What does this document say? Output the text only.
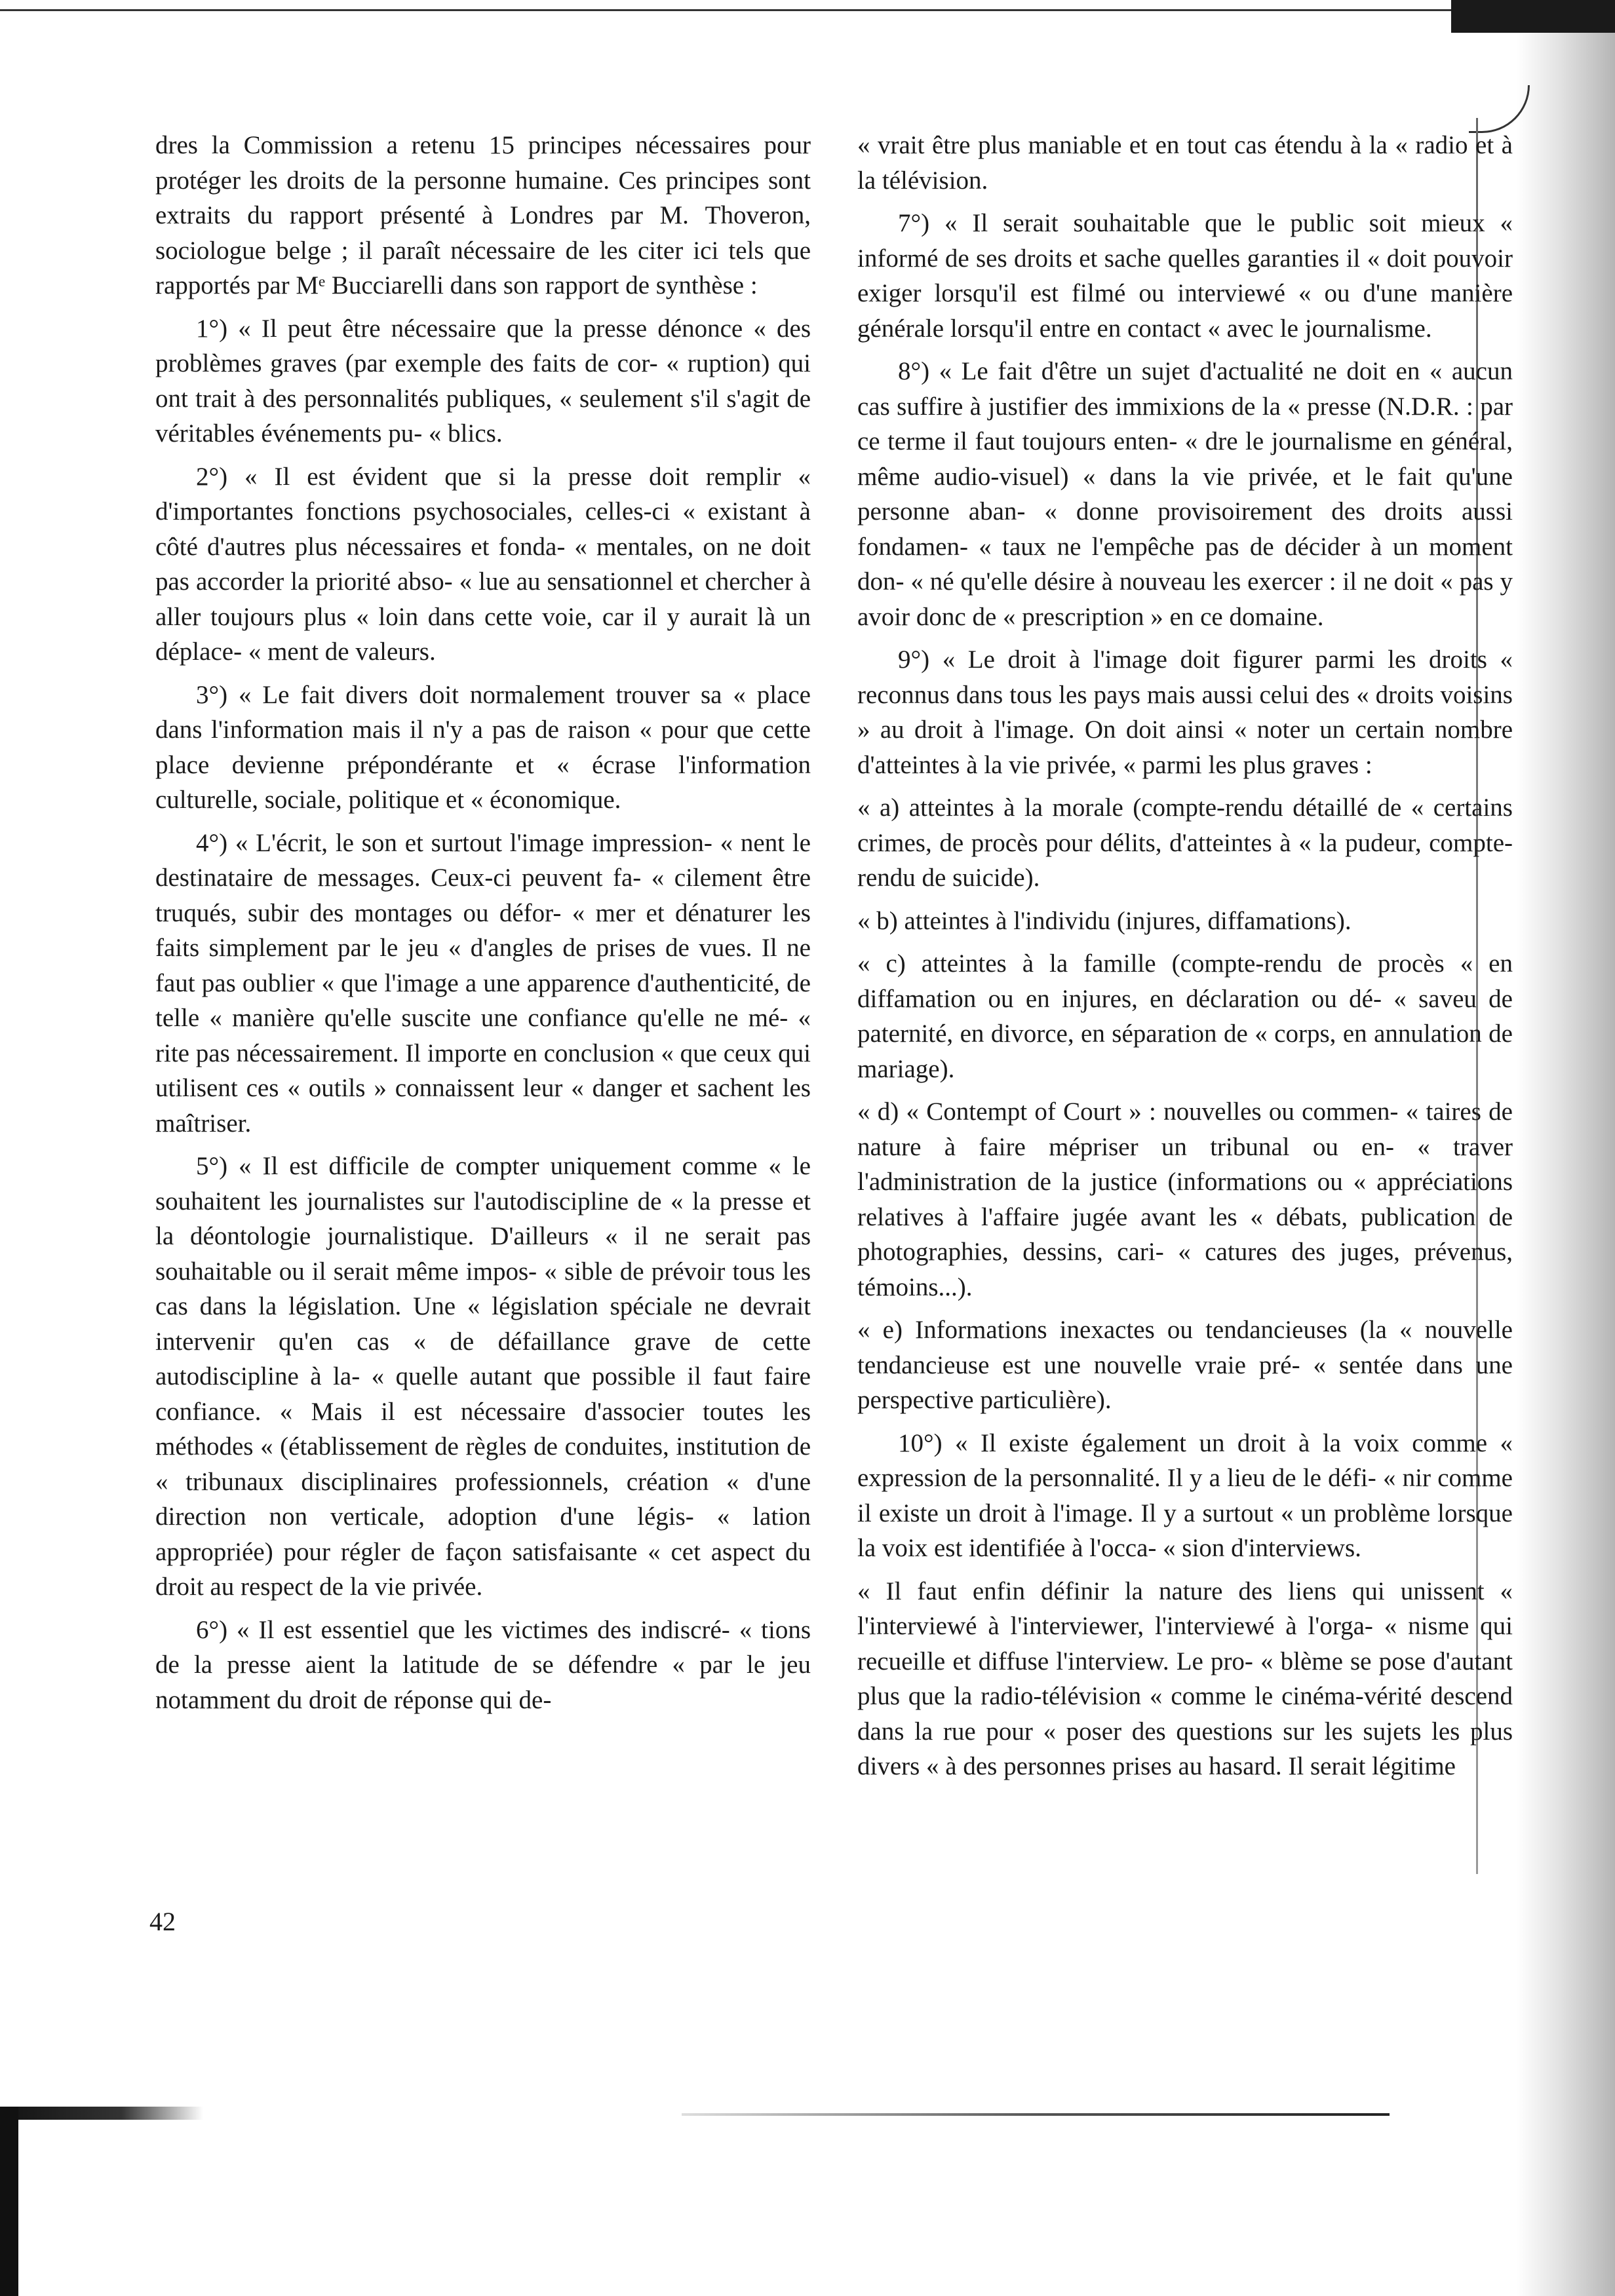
dres la Commission a retenu 15 principes nécessaires pour protéger les droits de la personne humaine. Ces principes sont extraits du rapport présenté à Londres par M. Thoveron, sociologue belge ; il paraît nécessaire de les citer ici tels que rapportés par Mᵉ Bucciarelli dans son rapport de synthèse :

1°) « Il peut être nécessaire que la presse dénonce « des problèmes graves (par exemple des faits de cor- « ruption) qui ont trait à des personnalités publiques, « seulement s'il s'agit de véritables événements pu- « blics.

2°) « Il est évident que si la presse doit remplir « d'importantes fonctions psychosociales, celles-ci « existant à côté d'autres plus nécessaires et fonda- « mentales, on ne doit pas accorder la priorité abso- « lue au sensationnel et chercher à aller toujours plus « loin dans cette voie, car il y aurait là un déplace- « ment de valeurs.

3°) « Le fait divers doit normalement trouver sa « place dans l'information mais il n'y a pas de raison « pour que cette place devienne prépondérante et « écrase l'information culturelle, sociale, politique et « économique.

4°) « L'écrit, le son et surtout l'image impression- « nent le destinataire de messages. Ceux-ci peuvent fa- « cilement être truqués, subir des montages ou défor- « mer et dénaturer les faits simplement par le jeu « d'angles de prises de vues. Il ne faut pas oublier « que l'image a une apparence d'authenticité, de telle « manière qu'elle suscite une confiance qu'elle ne mé- « rite pas nécessairement. Il importe en conclusion « que ceux qui utilisent ces « outils » connaissent leur « danger et sachent les maîtriser.

5°) « Il est difficile de compter uniquement comme « le souhaitent les journalistes sur l'autodiscipline de « la presse et la déontologie journalistique. D'ailleurs « il ne serait pas souhaitable ou il serait même impos- « sible de prévoir tous les cas dans la législation. Une « législation spéciale ne devrait intervenir qu'en cas « de défaillance grave de cette autodiscipline à la- « quelle autant que possible il faut faire confiance. « Mais il est nécessaire d'associer toutes les méthodes « (établissement de règles de conduites, institution de « tribunaux disciplinaires professionnels, création « d'une direction non verticale, adoption d'une légis- « lation appropriée) pour régler de façon satisfaisante « cet aspect du droit au respect de la vie privée.

6°) « Il est essentiel que les victimes des indiscré- « tions de la presse aient la latitude de se défendre « par le jeu notamment du droit de réponse qui de-

« vrait être plus maniable et en tout cas étendu à la « radio et à la télévision.

7°) « Il serait souhaitable que le public soit mieux « informé de ses droits et sache quelles garanties il « doit pouvoir exiger lorsqu'il est filmé ou interviewé « ou d'une manière générale lorsqu'il entre en contact « avec le journalisme.

8°) « Le fait d'être un sujet d'actualité ne doit en « aucun cas suffire à justifier des immixions de la « presse (N.D.R. : par ce terme il faut toujours enten- « dre le journalisme en général, même audio-visuel) « dans la vie privée, et le fait qu'une personne aban- « donne provisoirement des droits aussi fondamen- « taux ne l'empêche pas de décider à un moment don- « né qu'elle désire à nouveau les exercer : il ne doit « pas y avoir donc de « prescription » en ce domaine.

9°) « Le droit à l'image doit figurer parmi les droits « reconnus dans tous les pays mais aussi celui des « droits voisins » au droit à l'image. On doit ainsi « noter un certain nombre d'atteintes à la vie privée, « parmi les plus graves :

« a) atteintes à la morale (compte-rendu détaillé de « certains crimes, de procès pour délits, d'atteintes à « la pudeur, compte-rendu de suicide).

« b) atteintes à l'individu (injures, diffamations).

« c) atteintes à la famille (compte-rendu de procès « en diffamation ou en injures, en déclaration ou dé- « saveu de paternité, en divorce, en séparation de « corps, en annulation de mariage).

« d) « Contempt of Court » : nouvelles ou commen- « taires de nature à faire mépriser un tribunal ou en- « traver l'administration de la justice (informations ou « appréciations relatives à l'affaire jugée avant les « débats, publication de photographies, dessins, cari- « catures des juges, prévenus, témoins...).

« e) Informations inexactes ou tendancieuses (la « nouvelle tendancieuse est une nouvelle vraie pré- « sentée dans une perspective particulière).

10°) « Il existe également un droit à la voix comme « expression de la personnalité. Il y a lieu de le défi- « nir comme il existe un droit à l'image. Il y a surtout « un problème lorsque la voix est identifiée à l'occa- « sion d'interviews.

« Il faut enfin définir la nature des liens qui unissent « l'interviewé à l'interviewer, l'interviewé à l'orga- « nisme qui recueille et diffuse l'interview. Le pro- « blème se pose d'autant plus que la radio-télévision « comme le cinéma-vérité descend dans la rue pour « poser des questions sur les sujets les plus divers « à des personnes prises au hasard. Il serait légitime

42
